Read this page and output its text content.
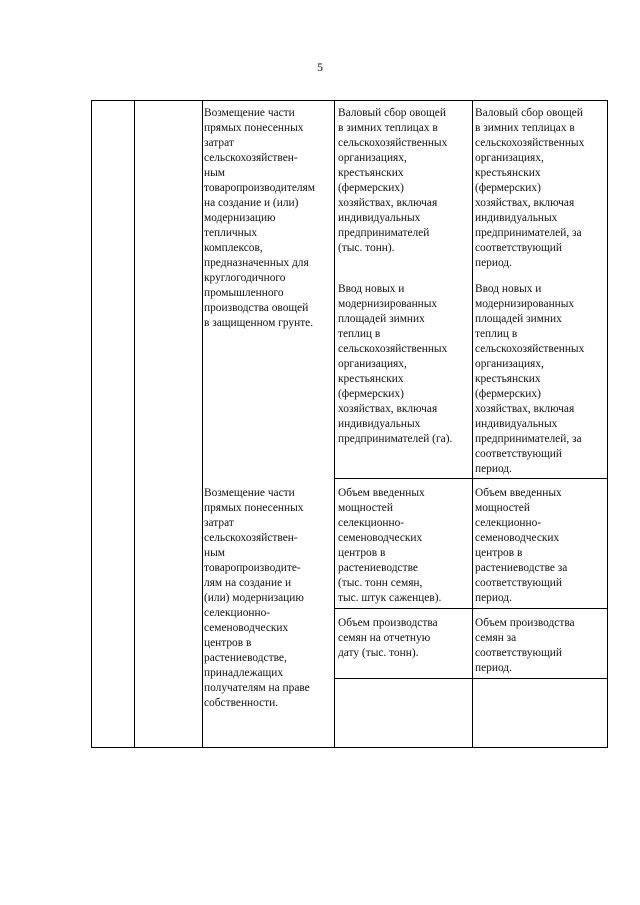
5
Возмещение части
прямых понесенных
затрат
сельскохозяйствен-
ным
товаропроизводителям
на создание и (или)
модернизацию
тепличных
комплексов,
предназначенных для
круглогодичного
промышленного
производства овощей
в защищенном грунте.
Валовый сбор овощей
в зимних теплицах в
сельскохозяйственных
организациях,
крестьянских
(фермерских)
хозяйствах, включая
индивидуальных
предпринимателей
(тыс. тонн).
Ввод новых и
модернизированных
площадей зимних
теплиц в
сельскохозяйственных
организациях,
крестьянских
(фермерских)
хозяйствах, включая
индивидуальных
предпринимателей (га).
Валовый сбор овощей
в зимних теплицах в
сельскохозяйственных
организациях,
крестьянских
(фермерских)
хозяйствах, включая
индивидуальных
предпринимателей, за
соответствующий
период.
Ввод новых и
модернизированных
площадей зимних
теплиц в
сельскохозяйственных
организациях,
крестьянских
(фермерских)
хозяйствах, включая
индивидуальных
предпринимателей, за
соответствующий
период.
Возмещение части
прямых понесенных
затрат
сельскохозяйствен-
ным
товаропроизводите-
лям на создание и
(или) модернизацию
селекционно-
семеноводческих
центров в
растениеводстве,
принадлежащих
получателям на праве
собственности.
Объем введенных
мощностей
селекционно-
семеноводческих
центров в
растениеводстве
(тыс. тонн семян,
тыс. штук саженцев).
Объем производства
семян на отчетную
дату (тыс. тонн).
Объем введенных
мощностей
селекционно-
семеноводческих
центров в
растениеводстве за
соответствующий
период.
Объем производства
семян за
соответствующий
период.
